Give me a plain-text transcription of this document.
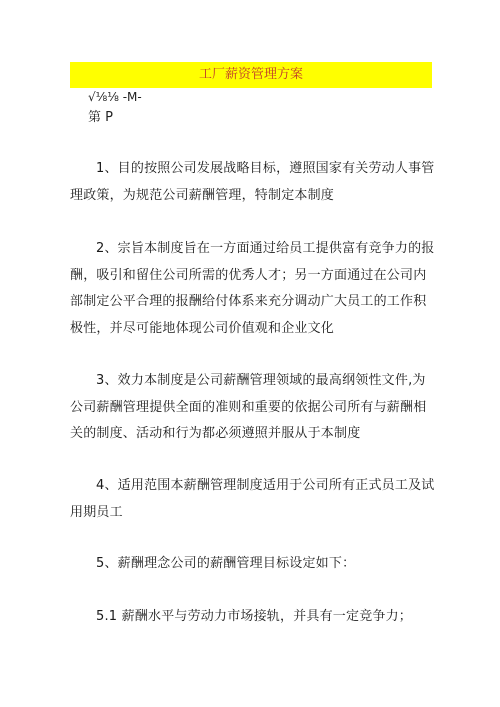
工厂薪资管理方案
√⅛⅛ -M-
第 P
1、目的按照公司发展战略目标，遵照国家有关劳动人事管理政策，为规范公司薪酬管理，特制定本制度
2、宗旨本制度旨在一方面通过给员工提供富有竞争力的报酬，吸引和留住公司所需的优秀人才；另一方面通过在公司内部制定公平合理的报酬给付体系来充分调动广大员工的工作积极性，并尽可能地体现公司价值观和企业文化
3、效力本制度是公司薪酬管理领域的最高纲领性文件,为公司薪酬管理提供全面的准则和重要的依据公司所有与薪酬相关的制度、活动和行为都必须遵照并服从于本制度
4、适用范围本薪酬管理制度适用于公司所有正式员工及试用期员工
5、薪酬理念公司的薪酬管理目标设定如下：
5.1 薪酬水平与劳动力市场接轨，并具有一定竞争力；
